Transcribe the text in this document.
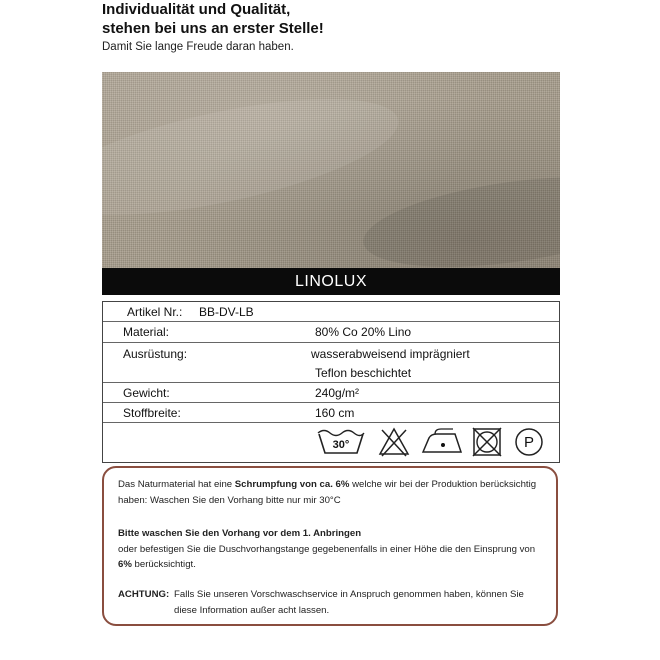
Individualität und Qualität,
stehen bei uns an erster Stelle!
Damit Sie lange Freude daran haben.
LINOLUX
Artikel Nr.: BB-DV-LB
Material:	80% Co 20% Lino
Ausrüstung:	wasserabweisend imprägniert
Teflon beschichtet
Gewicht:	240g/m²
Stoffbreite:	160 cm
30°	P

Das Naturmaterial hat eine Schrumpfung von ca. 6% welche wir bei der Produktion berücksichtig haben: Waschen Sie den Vorhang bitte nur mir 30°C

Bitte waschen Sie den Vorhang vor dem 1. Anbringen
oder befestigen Sie die Duschvorhangstange gegebenenfalls in einer Höhe die den Einsprung von 6% berücksichtigt.

ACHTUNG: Falls Sie unseren Vorschwaschservice in Anspruch genommen haben, können Sie diese Information außer acht lassen.
